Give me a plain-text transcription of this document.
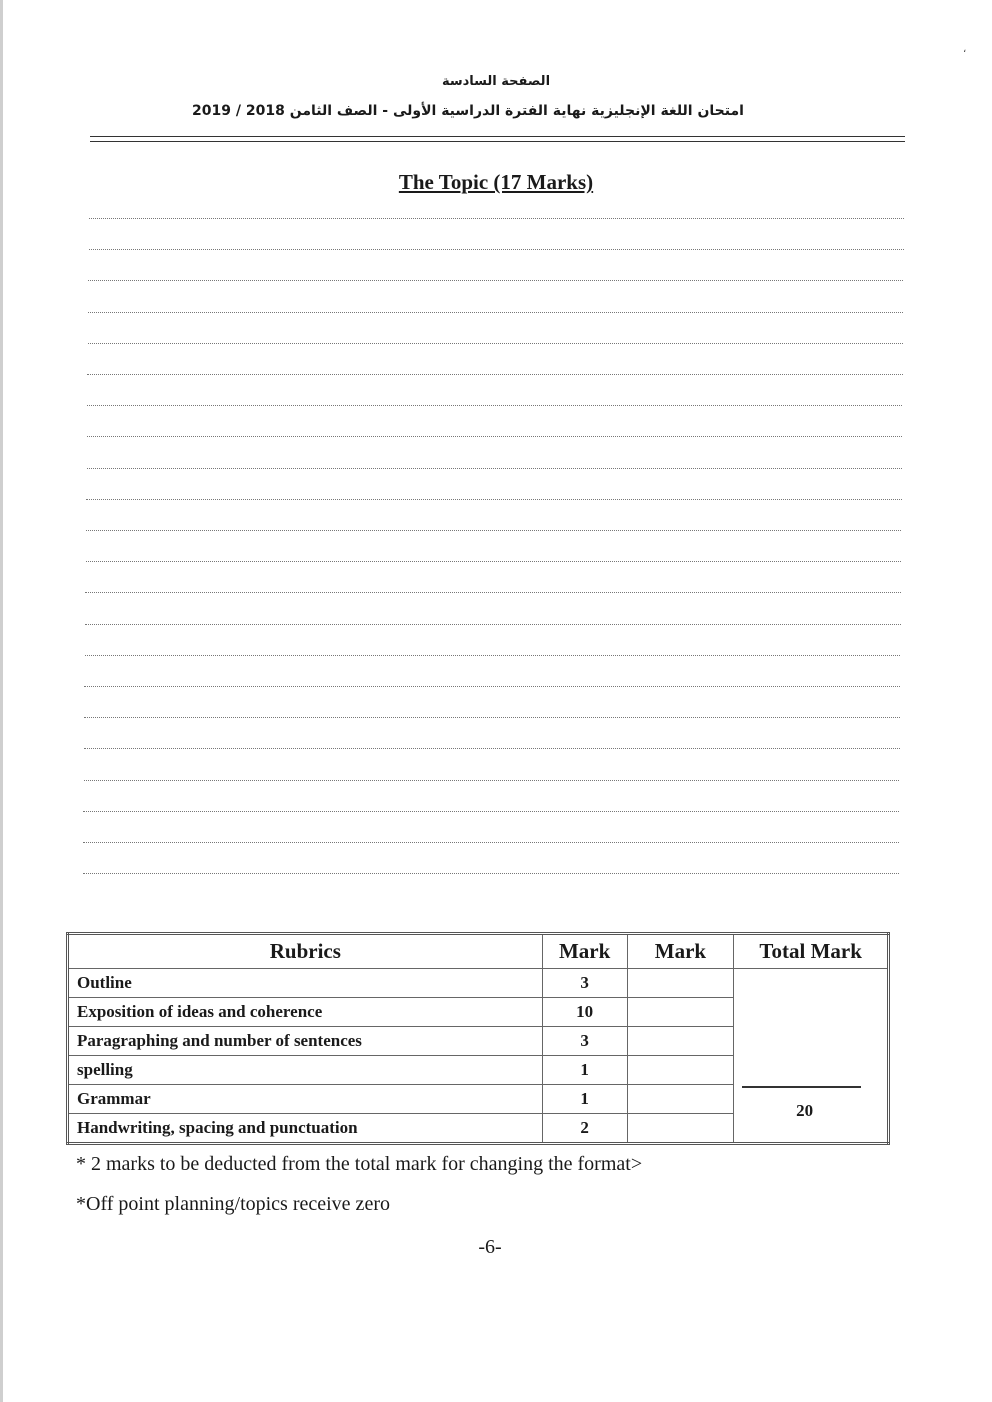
،
الصفحة السادسة
امتحان اللغة الإنجليزية نهاية الفترة الدراسية الأولى - الصف الثامن 2018 / 2019
The Topic (17 Marks)
Rubrics	Mark	Mark	Total Mark
Outline	3		20

Exposition of ideas and coherence	10		
Paragraphing and number of sentences	3		
spelling	1		
Grammar	1		
Handwriting, spacing and punctuation	2		
* 2 marks to be deducted from the total mark for changing the format>
*Off point planning/topics receive zero
-6-
